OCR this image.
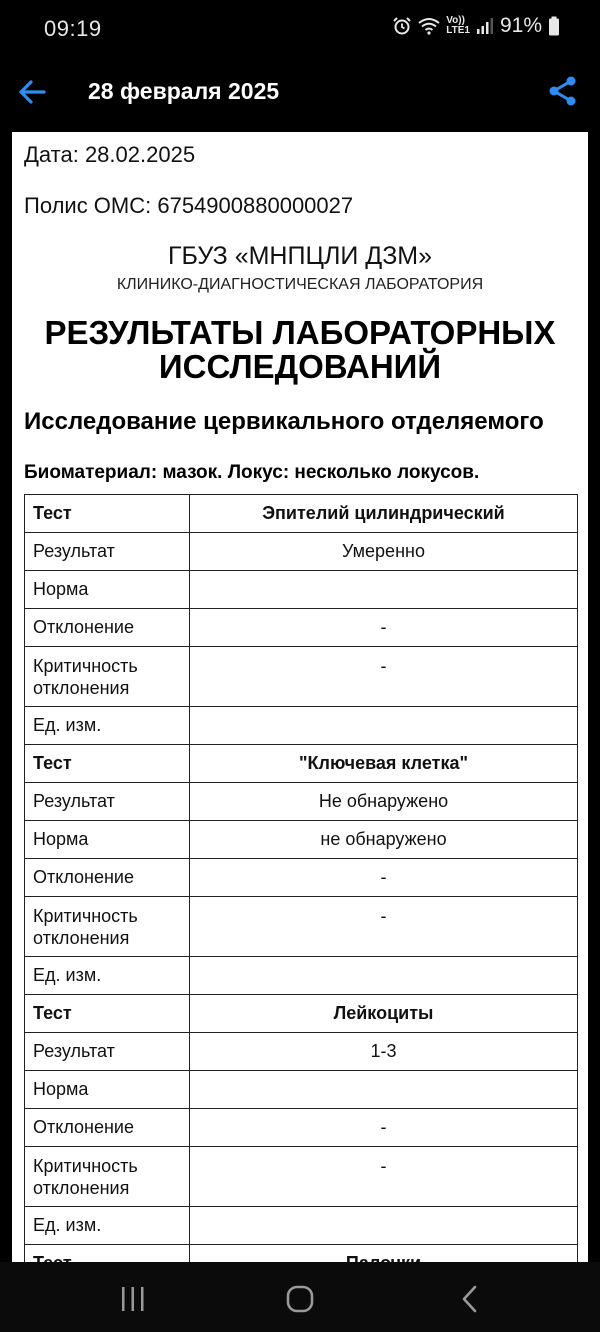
09:19	Vo))
LTE1 91%
28 февраля 2025
Дата: 28.02.2025
Полис ОМС: 6754900880000027
ГБУЗ «МНПЦЛИ ДЗМ»
КЛИНИКО-ДИАГНОСТИЧЕСКАЯ ЛАБОРАТОРИЯ
РЕЗУЛЬТАТЫ ЛАБОРАТОРНЫХ
ИССЛЕДОВАНИЙ
Исследование цервикального отделяемого
Биоматериал: мазок. Локус: несколько локусов.
Тест	Эпителий цилиндрический
Результат	Умеренно
Норма	
Отклонение	-

Критичность
отклонения	-
Ед. изм.	
Тест	"Ключевая клетка"
Результат	Не обнаружено
Норма	не обнаружено
Отклонение	-

Критичность
отклонения	-
Ед. изм.	
Тест	Лейкоциты
Результат	1-3
Норма	
Отклонение	-

Критичность
отклонения	-
Ед. изм.	
